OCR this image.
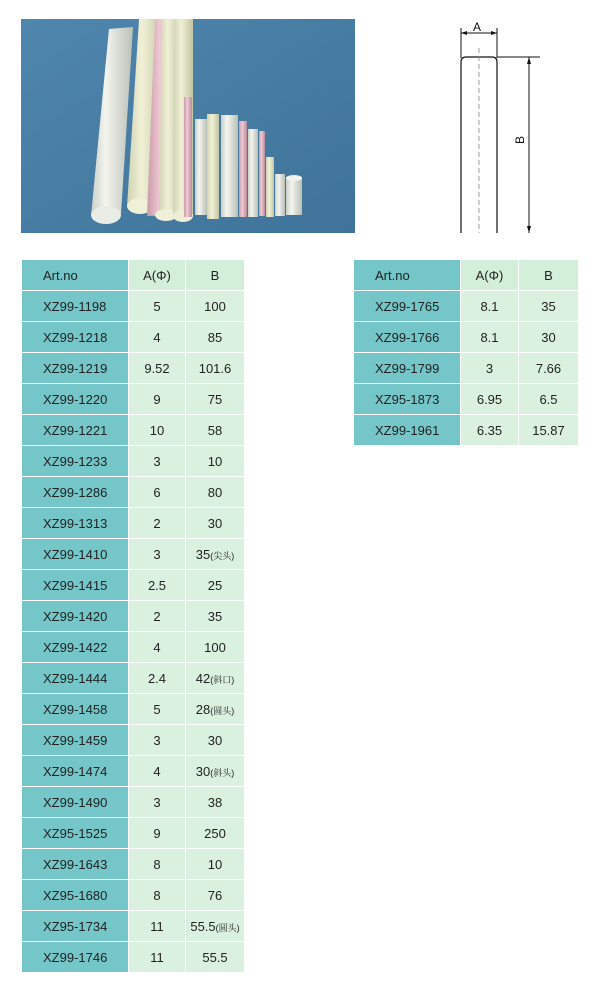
A
B
Art.no	A(Φ)	B
XZ99-1198	5	100
XZ99-1218	4	85
XZ99-1219	9.52	101.6
XZ99-1220	9	75
XZ99-1221	10	58
XZ99-1233	3	10
XZ99-1286	6	80
XZ99-1313	2	30
XZ99-1410	3	35(尖头)
XZ99-1415	2.5	25
XZ99-1420	2	35
XZ99-1422	4	100
XZ99-1444	2.4	42(斜口)
XZ99-1458	5	28(圆头)
XZ99-1459	3	30
XZ99-1474	4	30(斜头)
XZ99-1490	3	38
XZ95-1525	9	250
XZ99-1643	8	10
XZ95-1680	8	76
XZ95-1734	11	55.5(圆头)
XZ99-1746	11	55.5
Art.no	A(Φ)	B
XZ99-1765	8.1	35
XZ99-1766	8.1	30
XZ99-1799	3	7.66
XZ95-1873	6.95	6.5
XZ99-1961	6.35	15.87
